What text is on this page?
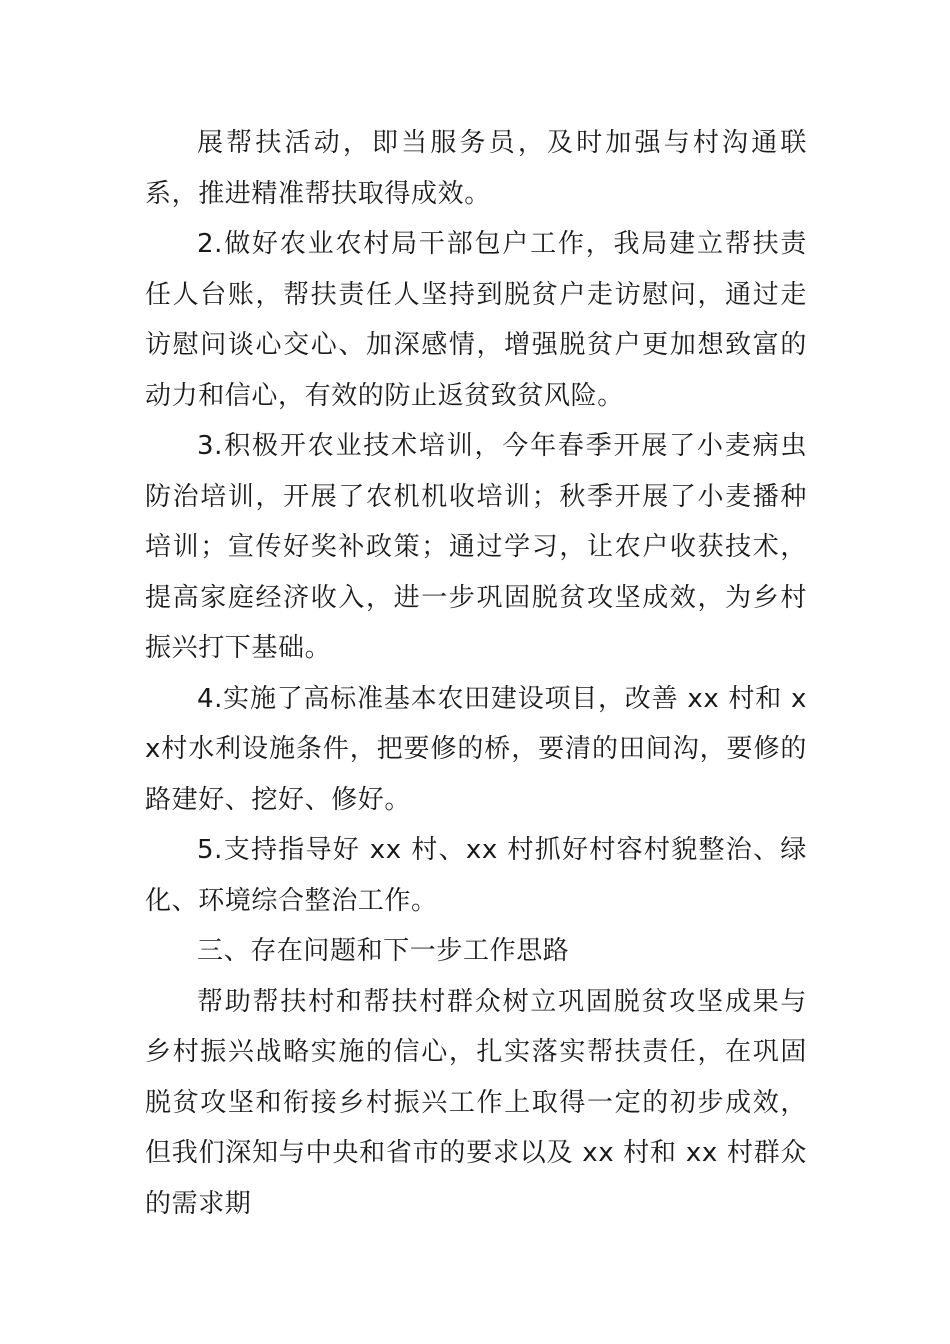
展帮扶活动，即当服务员，及时加强与村沟通联系，推进精准帮扶取得成效。

2.做好农业农村局干部包户工作，我局建立帮扶责任人台账，帮扶责任人坚持到脱贫户走访慰问，通过走访慰问谈心交心、加深感情，增强脱贫户更加想致富的动力和信心，有效的防止返贫致贫风险。

3.积极开农业技术培训，今年春季开展了小麦病虫防治培训，开展了农机机收培训；秋季开展了小麦播种培训；宣传好奖补政策；通过学习，让农户收获技术，提高家庭经济收入，进一步巩固脱贫攻坚成效，为乡村振兴打下基础。

4.实施了高标准基本农田建设项目，改善 xx 村和 xx村水利设施条件，把要修的桥，要清的田间沟，要修的路建好、挖好、修好。

5.支持指导好 xx 村、xx 村抓好村容村貌整治、绿化、环境综合整治工作。

三、存在问题和下一步工作思路

帮助帮扶村和帮扶村群众树立巩固脱贫攻坚成果与乡村振兴战略实施的信心，扎实落实帮扶责任，在巩固脱贫攻坚和衔接乡村振兴工作上取得一定的初步成效，但我们深知与中央和省市的要求以及 xx 村和 xx 村群众的需求期
